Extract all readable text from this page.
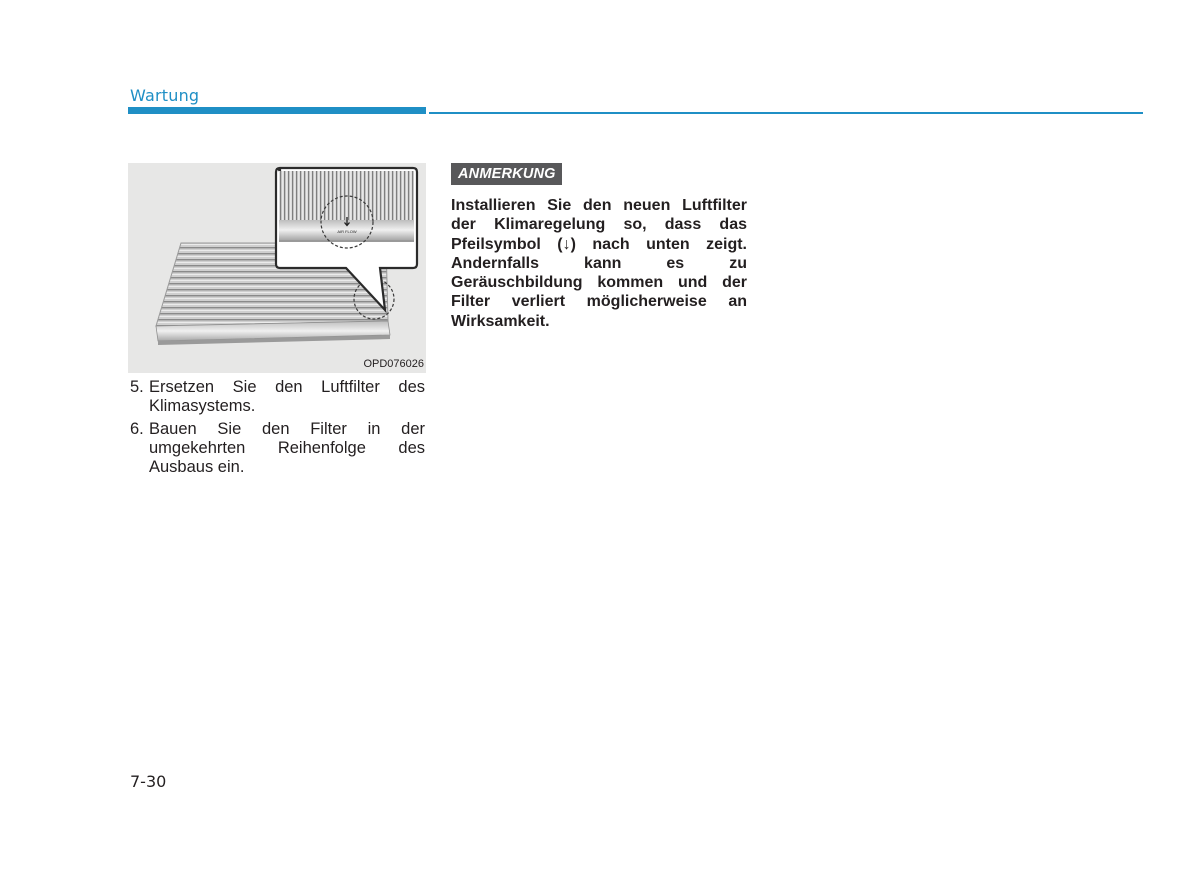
Wartung
AIR FLOW
OPD076026
5. Ersetzen Sie den Luftfilter des Klimasystems.
6. Bauen Sie den Filter in der umgekehrten Reihenfolge des Ausbaus ein.
ANMERKUNG

Installieren Sie den neuen Luftfilter der Klimaregelung so, dass das Pfeilsymbol (↓) nach unten zeigt. Andernfalls kann es zu Geräuschbildung kommen und der Filter verliert möglicherweise an Wirksamkeit.

7-30
